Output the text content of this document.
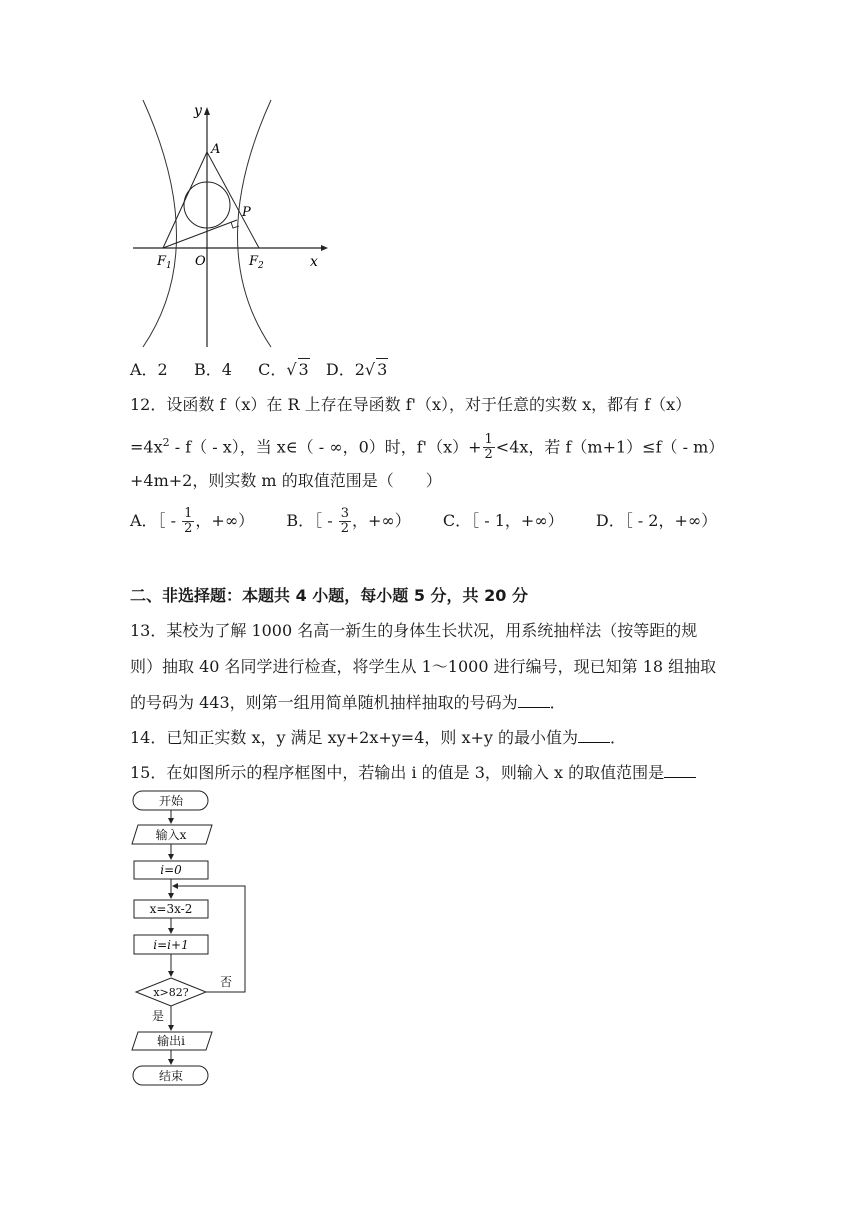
y
x
A
P
O
$F_1$	$F_2$
A．2 B．4 C．√ 3 D．2√ 3
12．设函数 f（x）在 R 上存在导函数 f'（x），对于任意的实数 x，都有 f（x）
$=4x^2 - f( - x)$，当 x∈（ - ∞，0）时，$f'(x)+ \frac{1}{2} <4x$，若 f（m+1）≤f（ - m）
+4m+2，则实数 m 的取值范围是（　　）
A．［ - $\frac{1}{2}$ ，+∞） B．［ - $\frac{3}{2}$ ，+∞） C．［ - 1，+∞） D．［ - 2，+∞）
二、非选择题：本题共 4 小题，每小题 5 分，共 20 分
13．某校为了解 1000 名高一新生的身体生长状况，用系统抽样法（按等距的规
则）抽取 40 名同学进行检查，将学生从 1～1000 进行编号，现已知第 18 组抽取
的号码为 443，则第一组用简单随机抽样抽取的号码为 ．
14．已知正实数 x，y 满足 xy+2x+y=4，则 x+y 的最小值为 ．
15．在如图所示的程序框图中，若输出 i 的值是 3，则输入 x 的取值范围是
开始
输入x
i=0
x=3x-2
i=i+1
x>82?
否
是
输出i
结束
